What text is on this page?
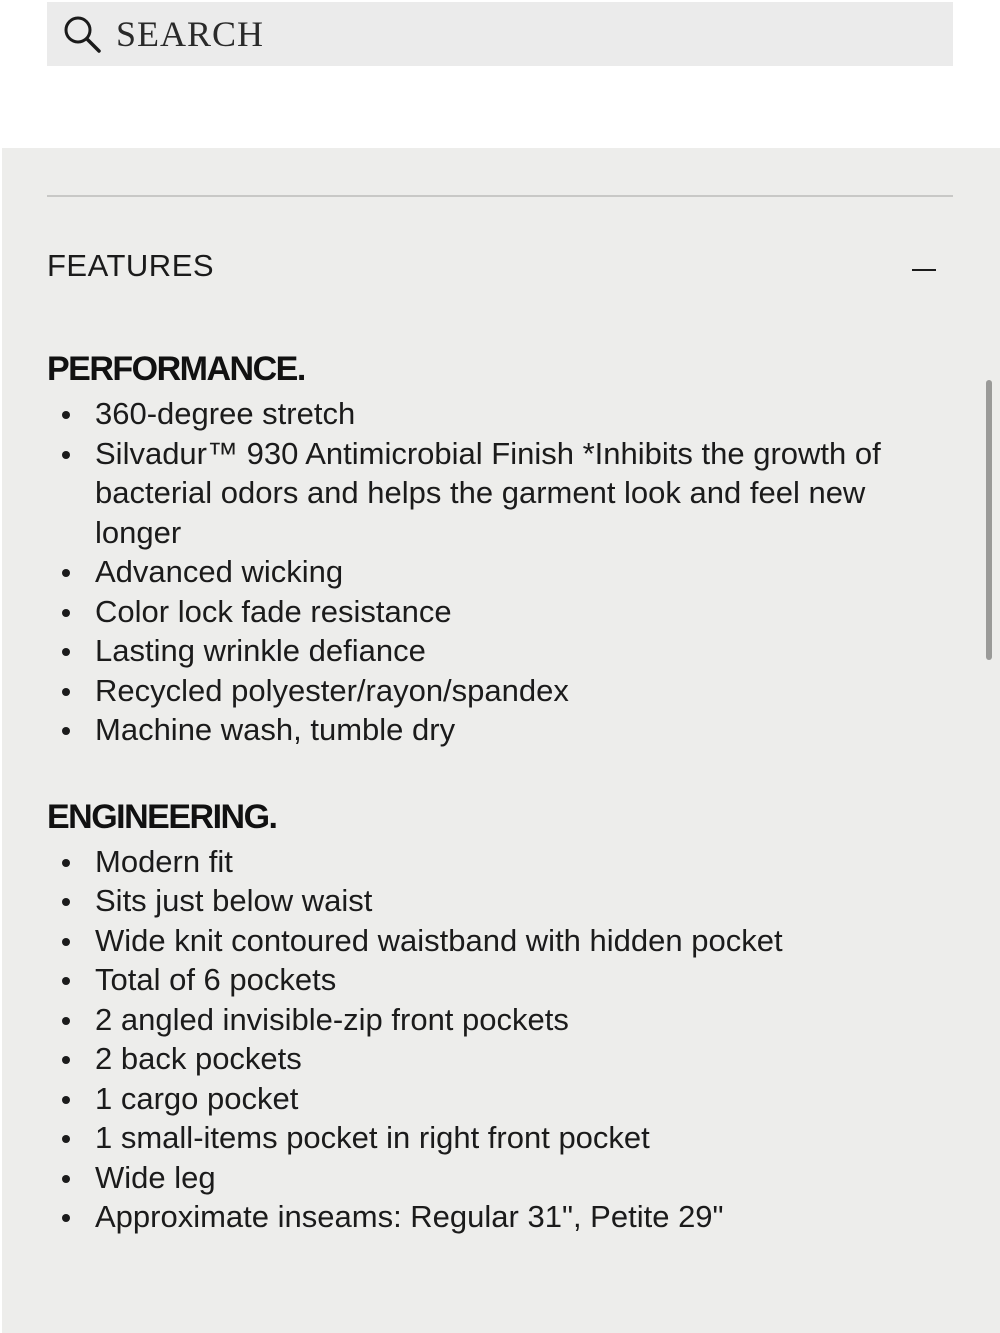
SEARCH
FEATURES
PERFORMANCE.
360-degree stretch
Silvadur™ 930 Antimicrobial Finish *Inhibits the growth of bacterial odors and helps the garment look and feel new longer
Advanced wicking
Color lock fade resistance
Lasting wrinkle defiance
Recycled polyester/rayon/spandex
Machine wash, tumble dry
ENGINEERING.
Modern fit
Sits just below waist
Wide knit contoured waistband with hidden pocket
Total of 6 pockets
2 angled invisible-zip front pockets
2 back pockets
1 cargo pocket
1 small-items pocket in right front pocket
Wide leg
Approximate inseams: Regular 31", Petite 29"
